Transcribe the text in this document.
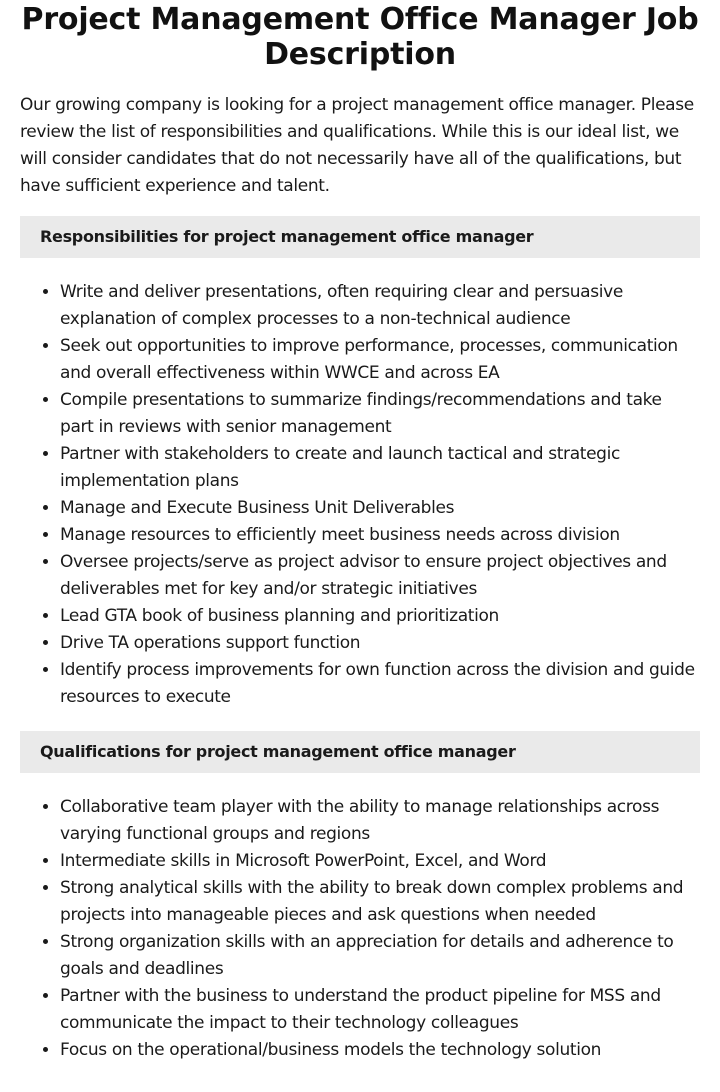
Project Management Office Manager Job Description

Our growing company is looking for a project management office manager. Please review the list of responsibilities and qualifications. While this is our ideal list, we will consider candidates that do not necessarily have all of the qualifications, but have sufficient experience and talent.

Responsibilities for project management office manager
• Write and deliver presentations, often requiring clear and persuasive explanation of complex processes to a non-technical audience
• Seek out opportunities to improve performance, processes, communication and overall effectiveness within WWCE and across EA
• Compile presentations to summarize findings/recommendations and take part in reviews with senior management
• Partner with stakeholders to create and launch tactical and strategic implementation plans
• Manage and Execute Business Unit Deliverables
• Manage resources to efficiently meet business needs across division
• Oversee projects/serve as project advisor to ensure project objectives and deliverables met for key and/or strategic initiatives
• Lead GTA book of business planning and prioritization
• Drive TA operations support function
• Identify process improvements for own function across the division and guide resources to execute
Qualifications for project management office manager
• Collaborative team player with the ability to manage relationships across varying functional groups and regions
• Intermediate skills in Microsoft PowerPoint, Excel, and Word
• Strong analytical skills with the ability to break down complex problems and projects into manageable pieces and ask questions when needed
• Strong organization skills with an appreciation for details and adherence to goals and deadlines
• Partner with the business to understand the product pipeline for MSS and communicate the impact to their technology colleagues
• Focus on the operational/business models the technology solution
